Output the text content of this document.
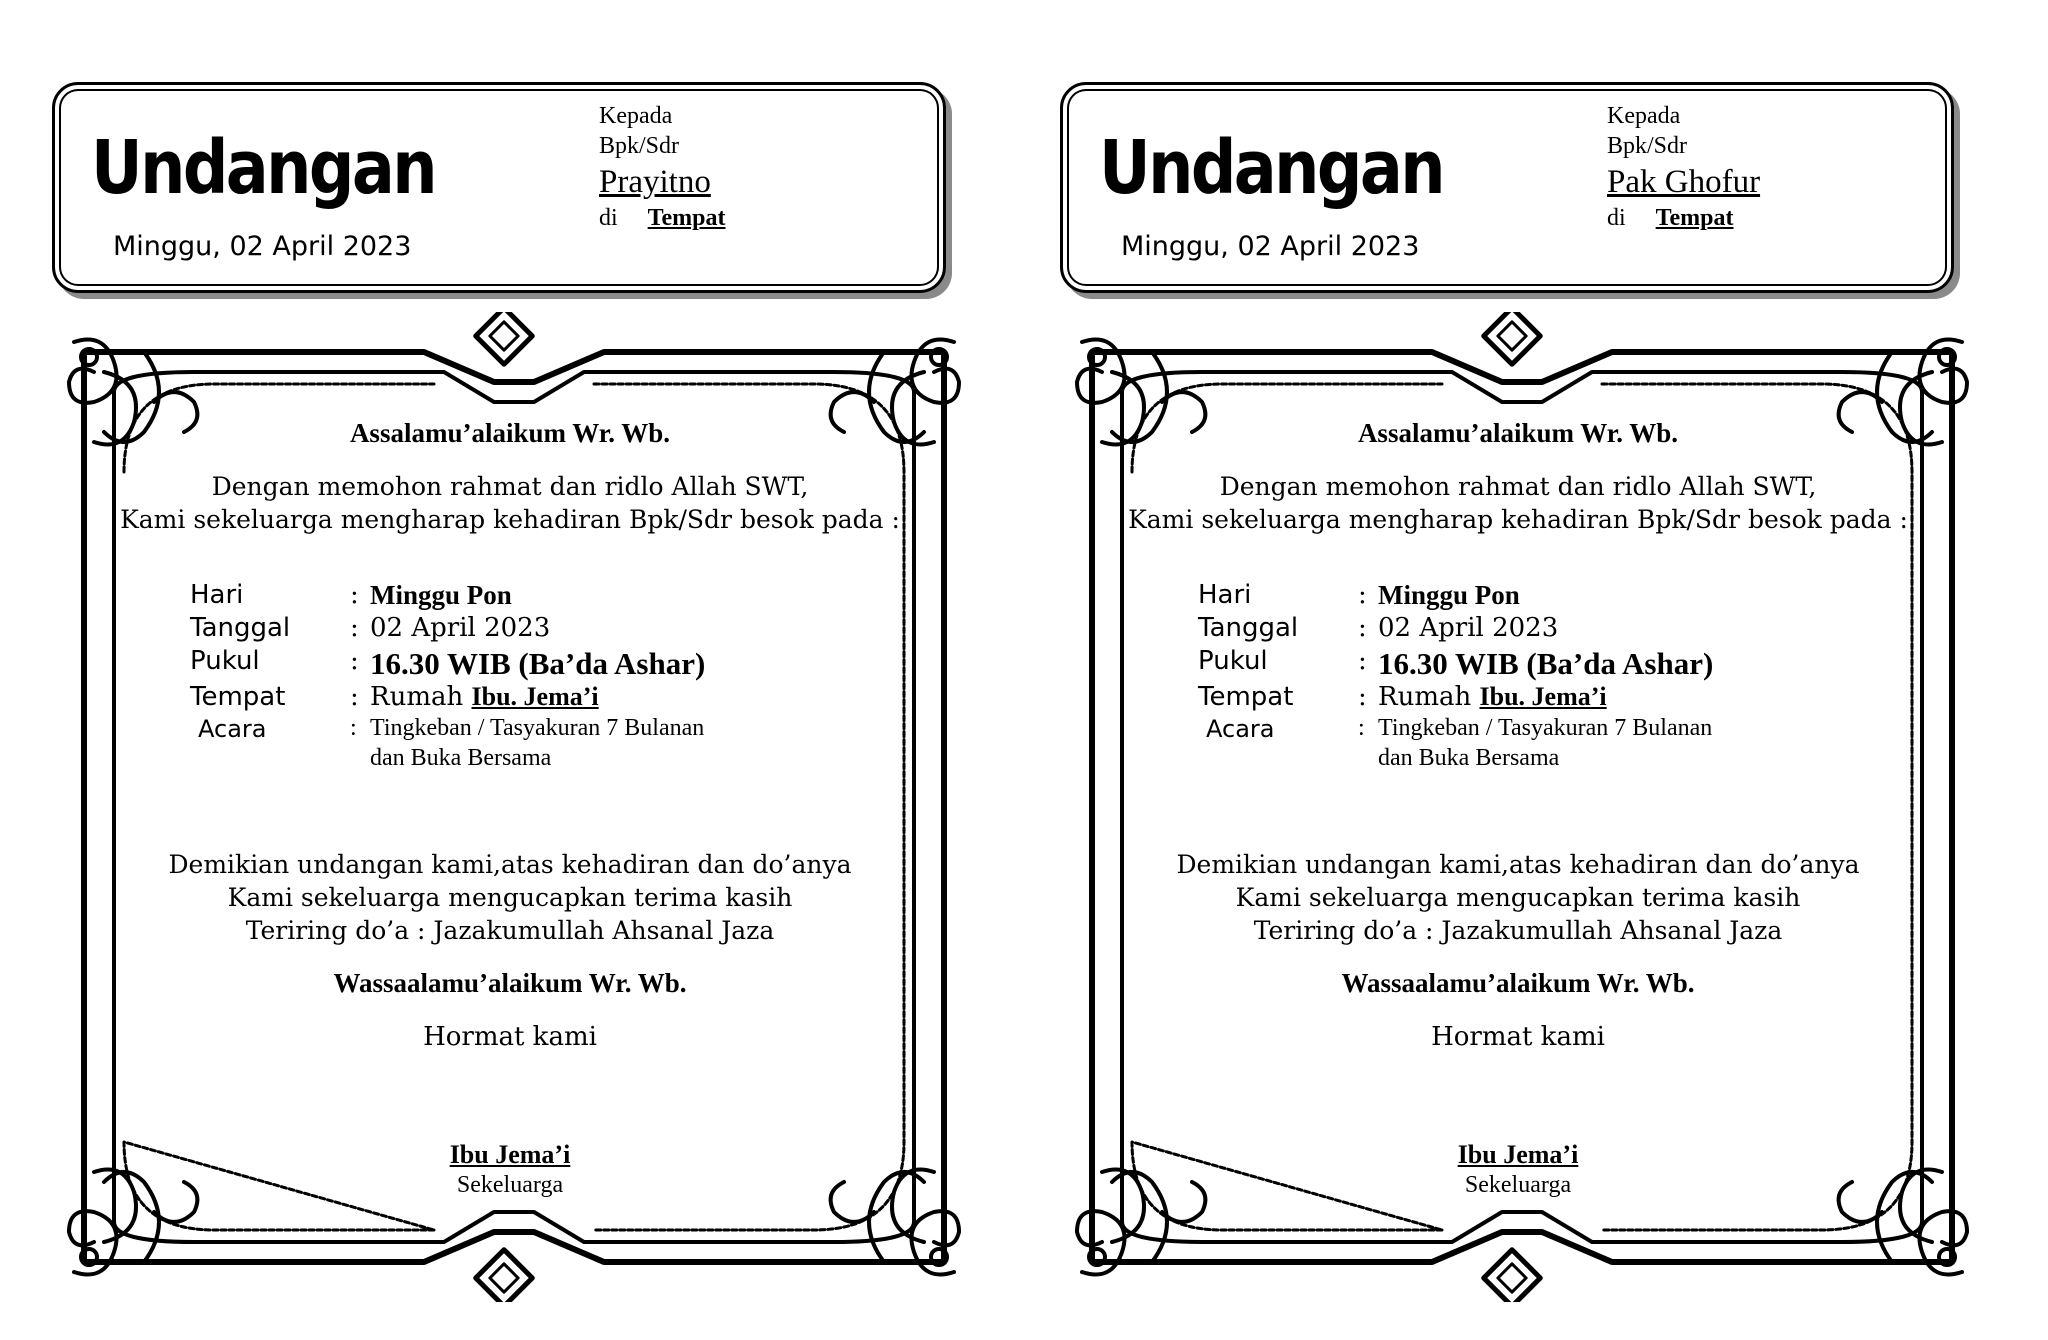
Undangan
Minggu, 02 April 2023
Kepada
Bpk/Sdr
Prayitno
di Tempat
Assalamu’alaikum Wr. Wb.
Dengan memohon rahmat dan ridlo Allah SWT,
Kami sekeluarga mengharap kehadiran Bpk/Sdr besok pada :
Hari	: Minggu Pon
Tanggal	: 02 April 2023
Pukul	: 16.30 WIB (Ba’da Ashar)
Tempat	: Rumah Ibu. Jema’i
Acara	: Tingkeban / Tasyakuran 7 Bulanan
dan Buka Bersama
Demikian undangan kami,atas kehadiran dan do’anya
Kami sekeluarga mengucapkan terima kasih
Teriring do’a : Jazakumullah Ahsanal Jaza
Wassaalamu’alaikum Wr. Wb.
Hormat kami
Ibu Jema’i
Sekeluarga
Undangan
Minggu, 02 April 2023
Kepada
Bpk/Sdr
Pak Ghofur
di Tempat
Assalamu’alaikum Wr. Wb.
Dengan memohon rahmat dan ridlo Allah SWT,
Kami sekeluarga mengharap kehadiran Bpk/Sdr besok pada :
Hari	: Minggu Pon
Tanggal	: 02 April 2023
Pukul	: 16.30 WIB (Ba’da Ashar)
Tempat	: Rumah Ibu. Jema’i
Acara	: Tingkeban / Tasyakuran 7 Bulanan
dan Buka Bersama
Demikian undangan kami,atas kehadiran dan do’anya
Kami sekeluarga mengucapkan terima kasih
Teriring do’a : Jazakumullah Ahsanal Jaza
Wassaalamu’alaikum Wr. Wb.
Hormat kami
Ibu Jema’i
Sekeluarga
